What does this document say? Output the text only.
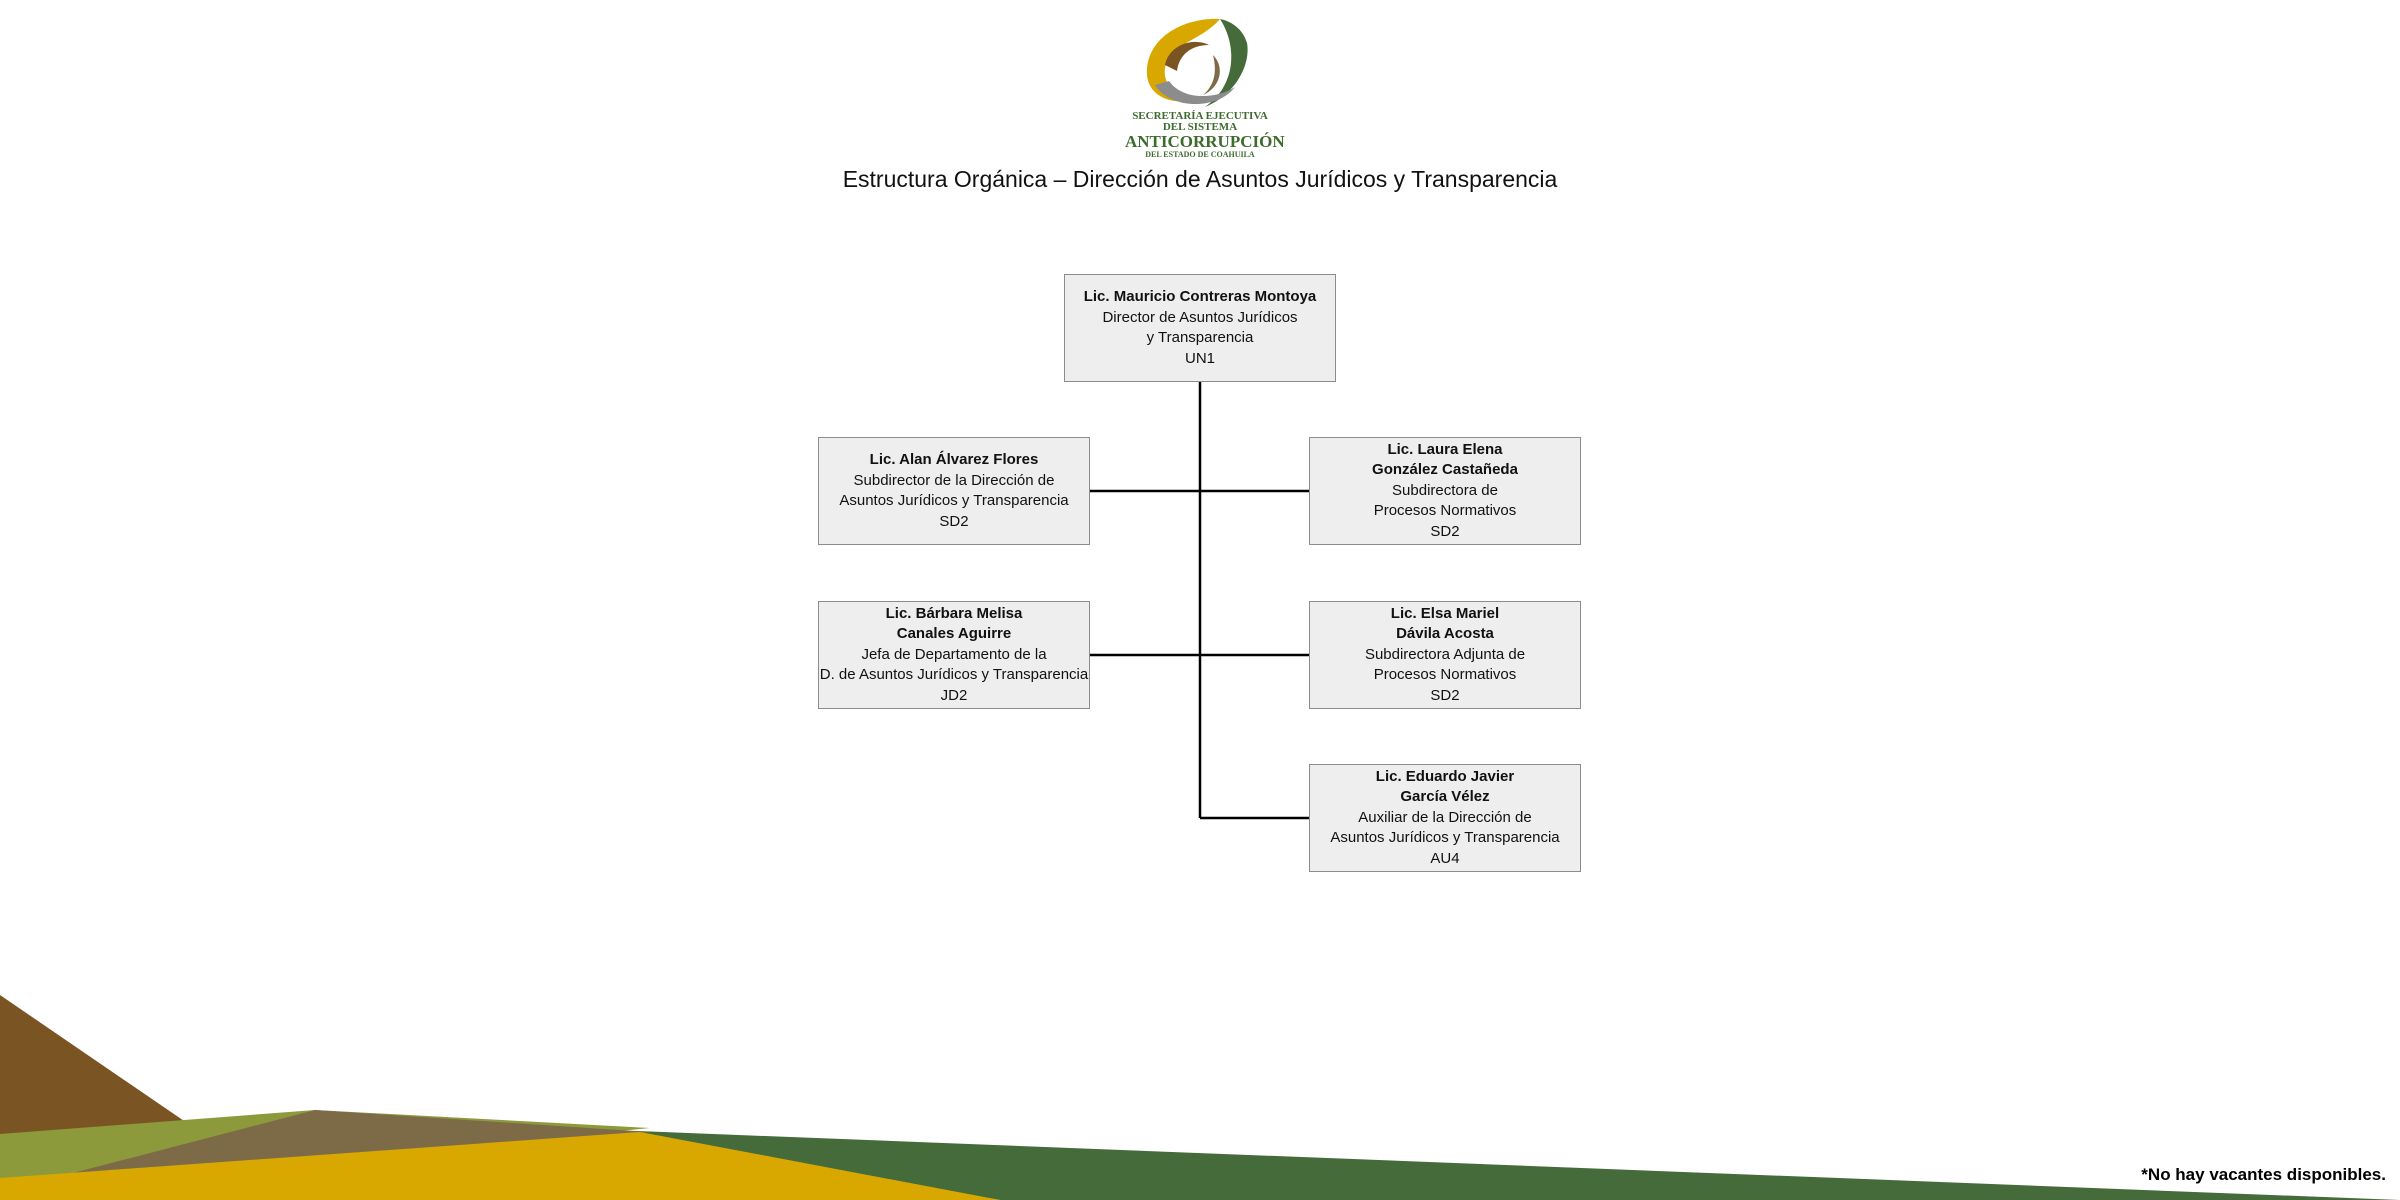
SECRETARÍA EJECUTIVA
DEL SISTEMA
ANTICORRUPCIÓN
DEL ESTADO DE COAHUILA
Estructura Orgánica – Dirección de Asuntos Jurídicos y Transparencia
Lic. Mauricio Contreras Montoya
Director de Asuntos Jurídicos
y Transparencia
UN1
Lic. Alan Álvarez Flores
Subdirector de la Dirección de
Asuntos Jurídicos y Transparencia
SD2
Lic. Laura Elena
González Castañeda
Subdirectora de
Procesos Normativos
SD2
Lic. Bárbara Melisa
Canales Aguirre
Jefa de Departamento de la
D. de Asuntos Jurídicos y Transparencia
JD2
Lic. Elsa Mariel
Dávila Acosta
Subdirectora Adjunta de
Procesos Normativos
SD2
Lic. Eduardo Javier
García Vélez
Auxiliar de la Dirección de
Asuntos Jurídicos y Transparencia
AU4
*No hay vacantes disponibles.
